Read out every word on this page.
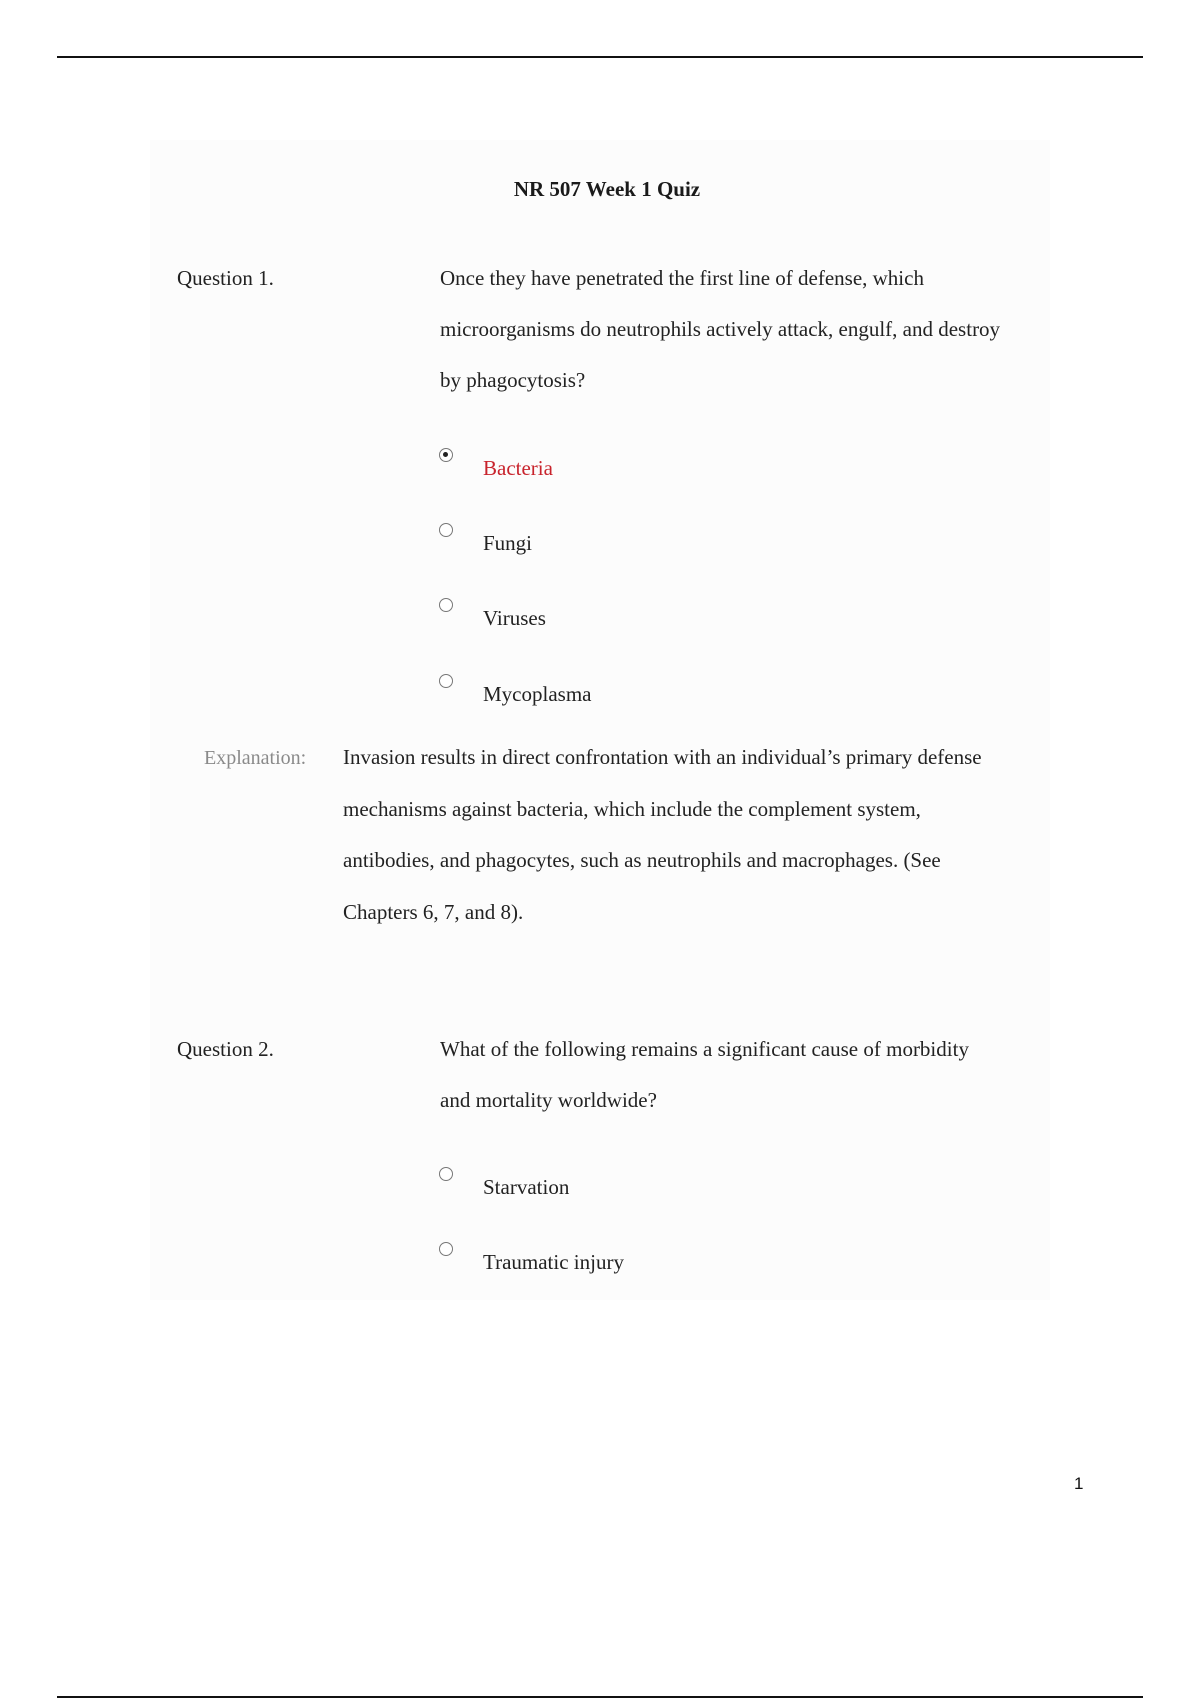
NR 507 Week 1 Quiz
Question 1.	Once they have penetrated the first line of defense, which
microorganisms do neutrophils actively attack, engulf, and destroy
by phagocytosis?
Bacteria
Fungi
Viruses
Mycoplasma
Explanation: Invasion results in direct confrontation with an individual’s primary defense
mechanisms against bacteria, which include the complement system,
antibodies, and phagocytes, such as neutrophils and macrophages. (See
Chapters 6, 7, and 8).
Question 2.	What of the following remains a significant cause of morbidity
and mortality worldwide?
Starvation
Traumatic injury
1
